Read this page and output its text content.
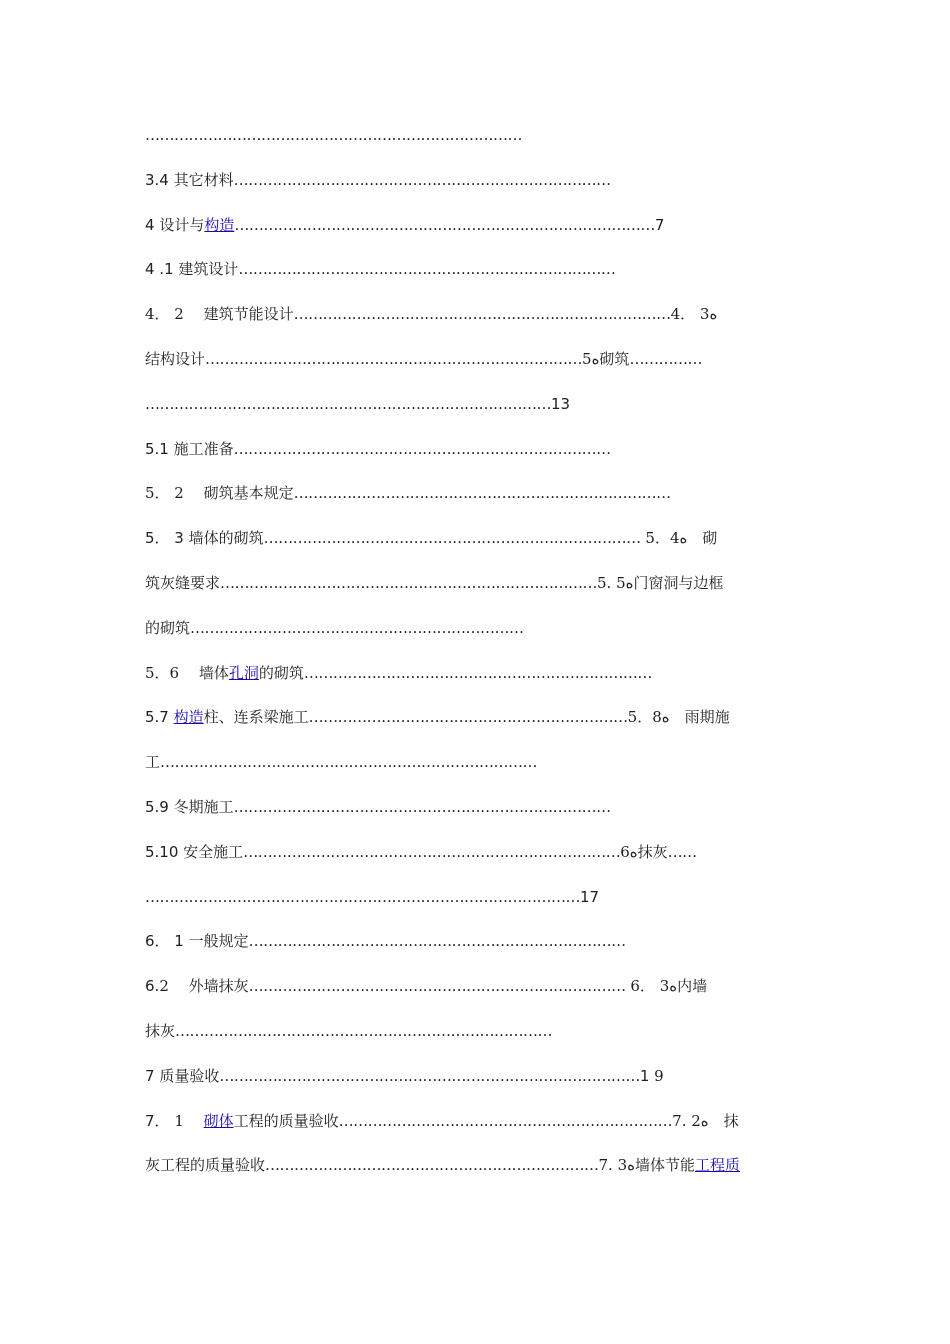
……………………………………………………………………
3.4 其它材料……………………………………………………………………
4 设计与构造……………………………………………………………………………7
4 .1 建筑设计……………………………………………………………………
4． 2　 建筑节能设计……………………………………………………………………4． 3ه
结构设计……………………………………………………………………5ه砌筑……………
…………………………………………………………………………13
5.1 施工准备……………………………………………………………………
5． 2　 砌筑基本规定……………………………………………………………………
5． 3 墙体的砌筑…………………………………………………………………… 5．4ه　砌
筑灰缝要求……………………………………………………………………5. 5ه门窗洞与边框
的砌筑……………………………………………………………
5．6　 墙体孔洞的砌筑………………………………………………………………
5.7 构造柱、连系梁施工…………………………………………………………5．8ه　雨期施
工……………………………………………………………………
5.9 冬期施工……………………………………………………………………
5.10 安全施工……………………………………………………………………6ه抹灰……
………………………………………………………………………………17
6． 1 一般规定……………………………………………………………………
6.2　 外墙抹灰…………………………………………………………………… 6． 3ه内墙
抹灰……………………………………………………………………
7 质量验收……………………………………………………………………………1 9
7． 1　 砌体工程的质量验收……………………………………………………………7. 2ه　抹
灰工程的质量验收……………………………………………………………7. 3ه墙体节能工程质
